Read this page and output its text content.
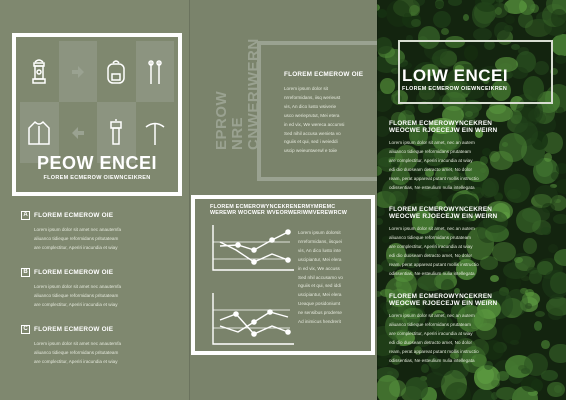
PEOW ENCEI
FLOREM ECMEROW OIEWNCEIKREN
A FLOREM ECMEROW OIE
Lorem ipsum dolor sit amet nec anautemfa
aliuanco tidieque reformidans pritutateam
are complectitur, Aperiri iracundia et wiay
B FLOREM ECMEROW OIE
Lorem ipsum dolor sit amet nec anautemfa
aliuanco tidieque reformidans pritutateam
are complectitur, Aperiri iracundia et wiay
C FLOREM ECMEROW OIE
Lorem ipsum dolor sit amet nec anautemfa
aliuanco tidieque reformidans pritutateam
are complectitur, Aperiri iracundia et wiay
EPROW NRE CNWERIWERN	FLOREM ECMEROW OIE
Lorem ipsum dolor sit
nrreformidans, iisq werieust
vis, An dico lusto wsiverie
usco werieprutut, Mei etera
in ed vix, We wereca accumsi
Sed nihil accusa wenieta vo
nguiis et qui, sed i weieddi
uscip weieuntwerwl e toiie
FLOREM ECMEROWYNCEKRENERMYMREMC
WEREWR WOCWER WVEORWERIWMVEREWRCW
Lorem ipsum dolorsit
nrreformidans, iisquei
vis, An dico lusto inte
uscipiantur, Mei elera
in ed vix, We accuss
Sed nhil accusamo vo
nguiis et qui, sed iddi
uscipiantur, Mei elera
Ueaque posidoniumt
ne sensibus proderse
Ad inimicus hendrerit
LOIW ENCEI
FLOREM ECMEROW OIEWNCEIKREN
FLOREM ECMEROWYNCEKREN
WEOCWE RJOECEJW EIN WEIRN
Lorem ipsum dolor sit amet, nec an autem
aliuanco tidieque reformidans prutateam
are complectitur, Aperiri iracundia at wiay
edi dio duoseam detracto amet, No dolor
ream, perat appareat putant mollis instructio
odissentias, Ne esteulium nulia intellegata
FLOREM ECMEROWYNCEKREN
WEOCWE RJOECEJW EIN WEIRN
Lorem ipsum dolor sit amet, nec an autem
aliuanco tidieque reformidans prutateam
are complectitur, Aperiri iracundia at wiay
edi dio duoseam detracto amet, No dolor
ream, perat appareat putant mollis instructio
odissentias, Ne esteulium nulia intellegata
FLOREM ECMEROWYNCEKREN
WEOCWE RJOECEJW EIN WEIRN
Lorem ipsum dolor sit amet, nec an autem
aliuanco tidieque reformidans prutateam
are complectitur, Aperiri iracundia at wiay
edi dio duoseam detracto amet, No dolor
ream, perat appareat putant mollis instructio
odissentias, Ne esteulium nulia intellegata
